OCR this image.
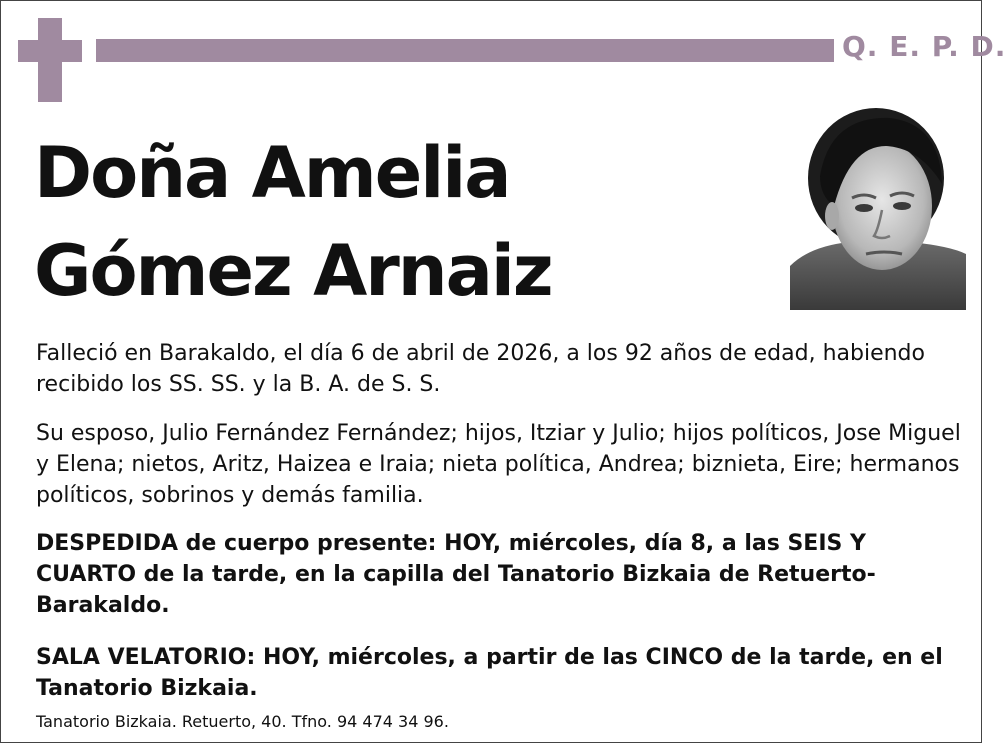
Q. E. P. D.
Doña Amelia
Gómez Arnaiz
Falleció en Barakaldo, el día 6 de abril de 2026, a los 92 años de edad, habiendo recibido los SS. SS. y la B. A. de S. S.
Su esposo, Julio Fernández Fernández; hijos, Itziar y Julio; hijos políticos, Jose Miguel y Elena; nietos, Aritz, Haizea e Iraia; nieta política, Andrea; biznieta, Eire; hermanos políticos, sobrinos y demás familia.
DESPEDIDA de cuerpo presente: HOY, miércoles, día 8, a las SEIS Y CUARTO de la tarde, en la capilla del Tanatorio Bizkaia de Retuerto-Barakaldo.
SALA VELATORIO: HOY, miércoles, a partir de las CINCO de la tarde, en el Tanatorio Bizkaia.
Tanatorio Bizkaia. Retuerto, 40. Tfno. 94 474 34 96.
